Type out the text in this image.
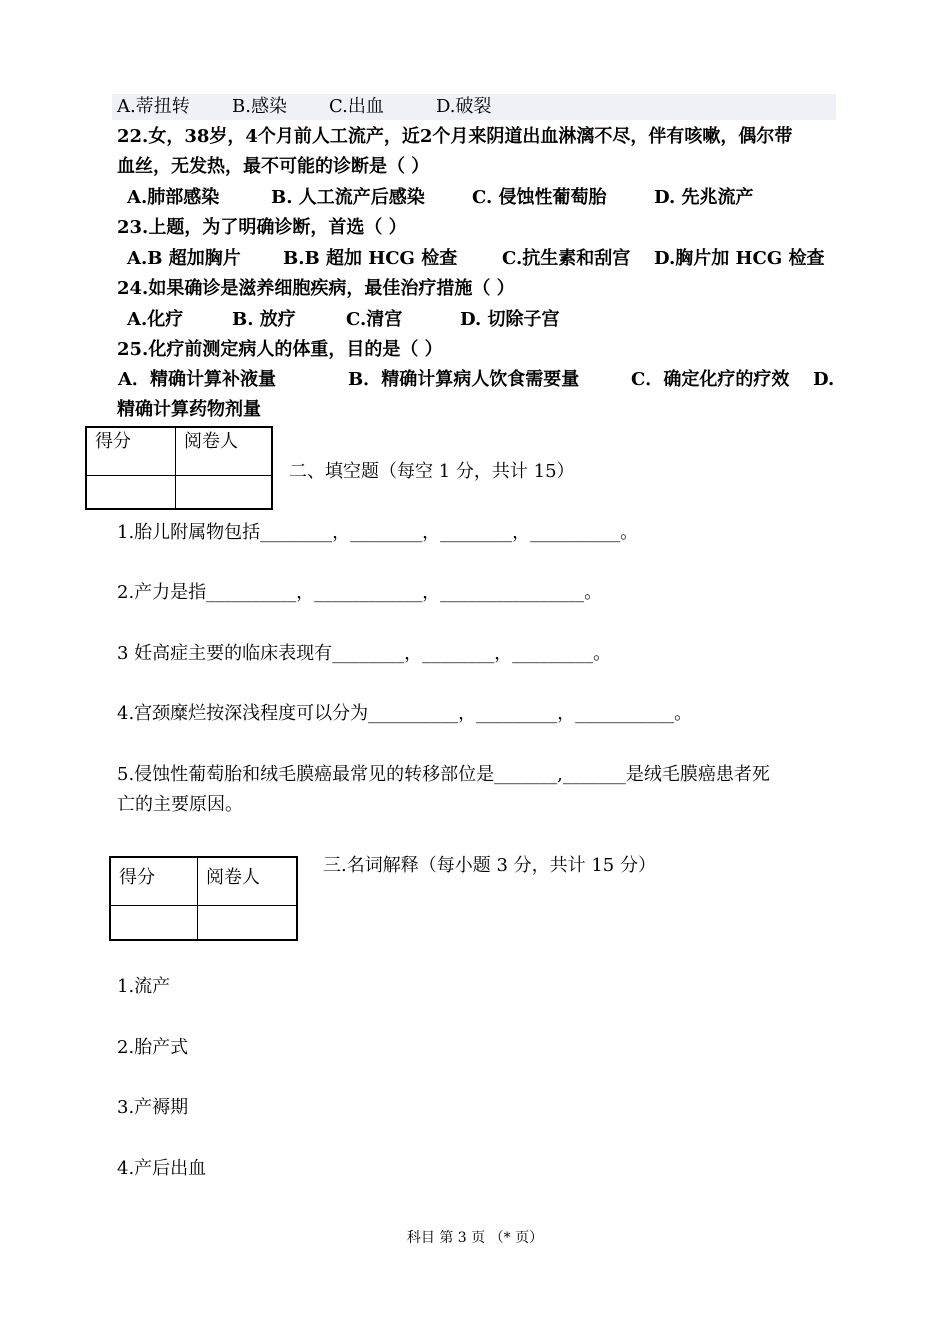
A.蒂扭转 B.感染 C.出血	D.破裂
22.女，38岁，4个月前人工流产，近2个月来阴道出血淋漓不尽，伴有咳嗽，偶尔带
血丝，无发热，最不可能的诊断是（ ）
A.肺部感染	B. 人工流产后感染	C. 侵蚀性葡萄胎	D. 先兆流产
23.上题，为了明确诊断，首选（ ）
A.B 超加胸片 B.B 超加 HCG 检查 C.抗生素和刮宫 D.胸片加 HCG 检查
24.如果确诊是滋养细胞疾病，最佳治疗措施（ ）
A.化疗	B. 放疗	C.清宫	D. 切除子宫
25.化疗前测定病人的体重，目的是（ ）
A．精确计算补液量	B．精确计算病人饮食需要量	C．确定化疗的疗效 D.
精确计算药物剂量
得分	阅卷人

二、填空题（每空 1 分，共计 15）
1.胎儿附属物包括________，________，________，__________。
2.产力是指__________，____________，________________。
3 妊高症主要的临床表现有________，________，_________。
4.宫颈糜烂按深浅程度可以分为__________，_________，___________。
5.侵蚀性葡萄胎和绒毛膜癌最常见的转移部位是_______,_______是绒毛膜癌患者死
亡的主要原因。
得分	阅卷人

三.名词解释（每小题 3 分，共计 15 分）
1.流产
2.胎产式
3.产褥期
4.产后出血
科目 第 3 页 （* 页）
